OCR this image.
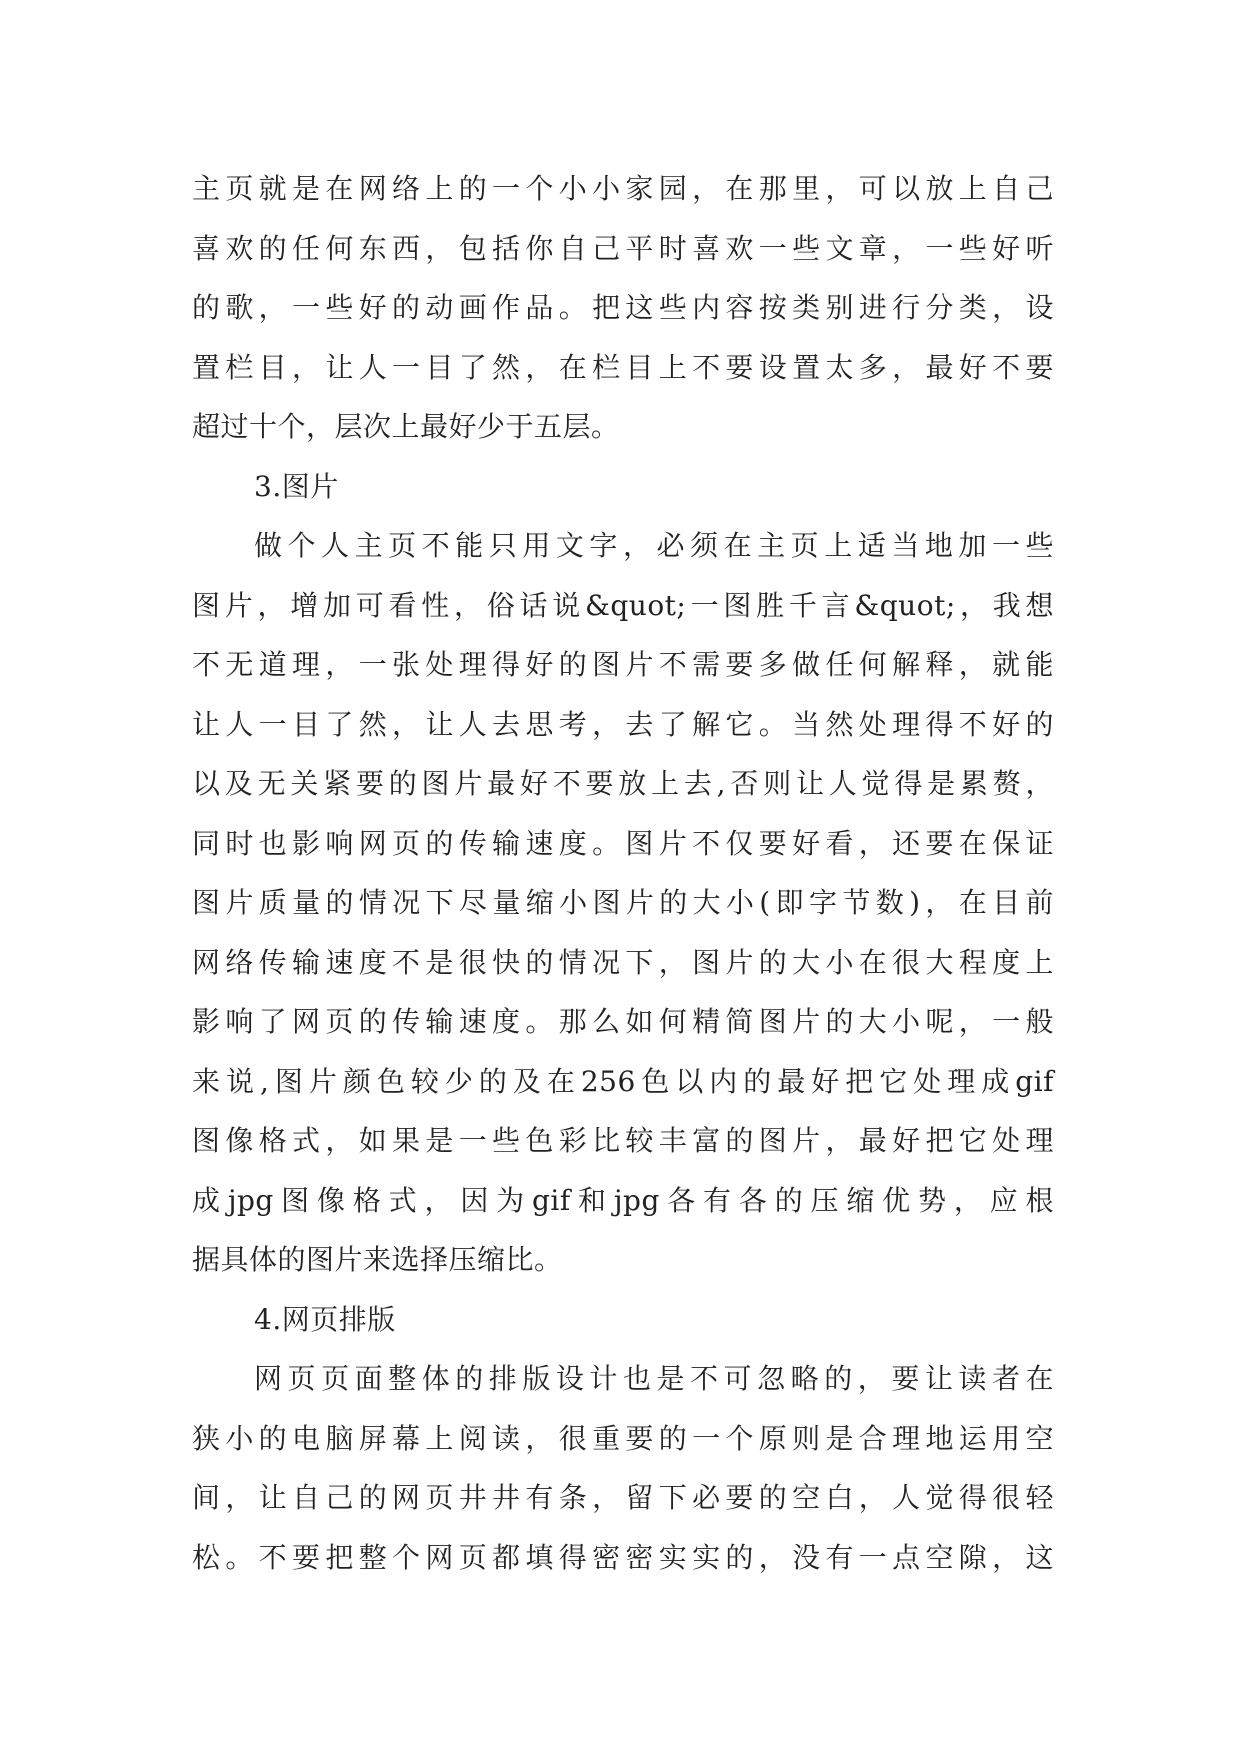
主页就是在网络上的一个小小家园，在那里，可以放上自己
喜欢的任何东西，包括你自己平时喜欢一些文章，一些好听
的歌，一些好的动画作品。把这些内容按类别进行分类，设
置栏目，让人一目了然，在栏目上不要设置太多，最好不要
超过十个，层次上最好少于五层。
3.图片
做个人主页不能只用文字，必须在主页上适当地加一些
图片，增加可看性，俗话说&quot;一图胜千言&quot;，我想
不无道理，一张处理得好的图片不需要多做任何解释，就能
让人一目了然，让人去思考，去了解它。当然处理得不好的
以及无关紧要的图片最好不要放上去,否则让人觉得是累赘，
同时也影响网页的传输速度。图片不仅要好看，还要在保证
图片质量的情况下尽量缩小图片的大小(即字节数)，在目前
网络传输速度不是很快的情况下，图片的大小在很大程度上
影响了网页的传输速度。那么如何精简图片的大小呢，一般
来说,图片颜色较少的及在256色以内的最好把它处理成gif
图像格式，如果是一些色彩比较丰富的图片，最好把它处理
成jpg图像格式，因为gif和jpg各有各的压缩优势，应根
据具体的图片来选择压缩比。
4.网页排版
网页页面整体的排版设计也是不可忽略的，要让读者在
狭小的电脑屏幕上阅读，很重要的一个原则是合理地运用空
间，让自己的网页井井有条，留下必要的空白，人觉得很轻
松。不要把整个网页都填得密密实实的，没有一点空隙，这
